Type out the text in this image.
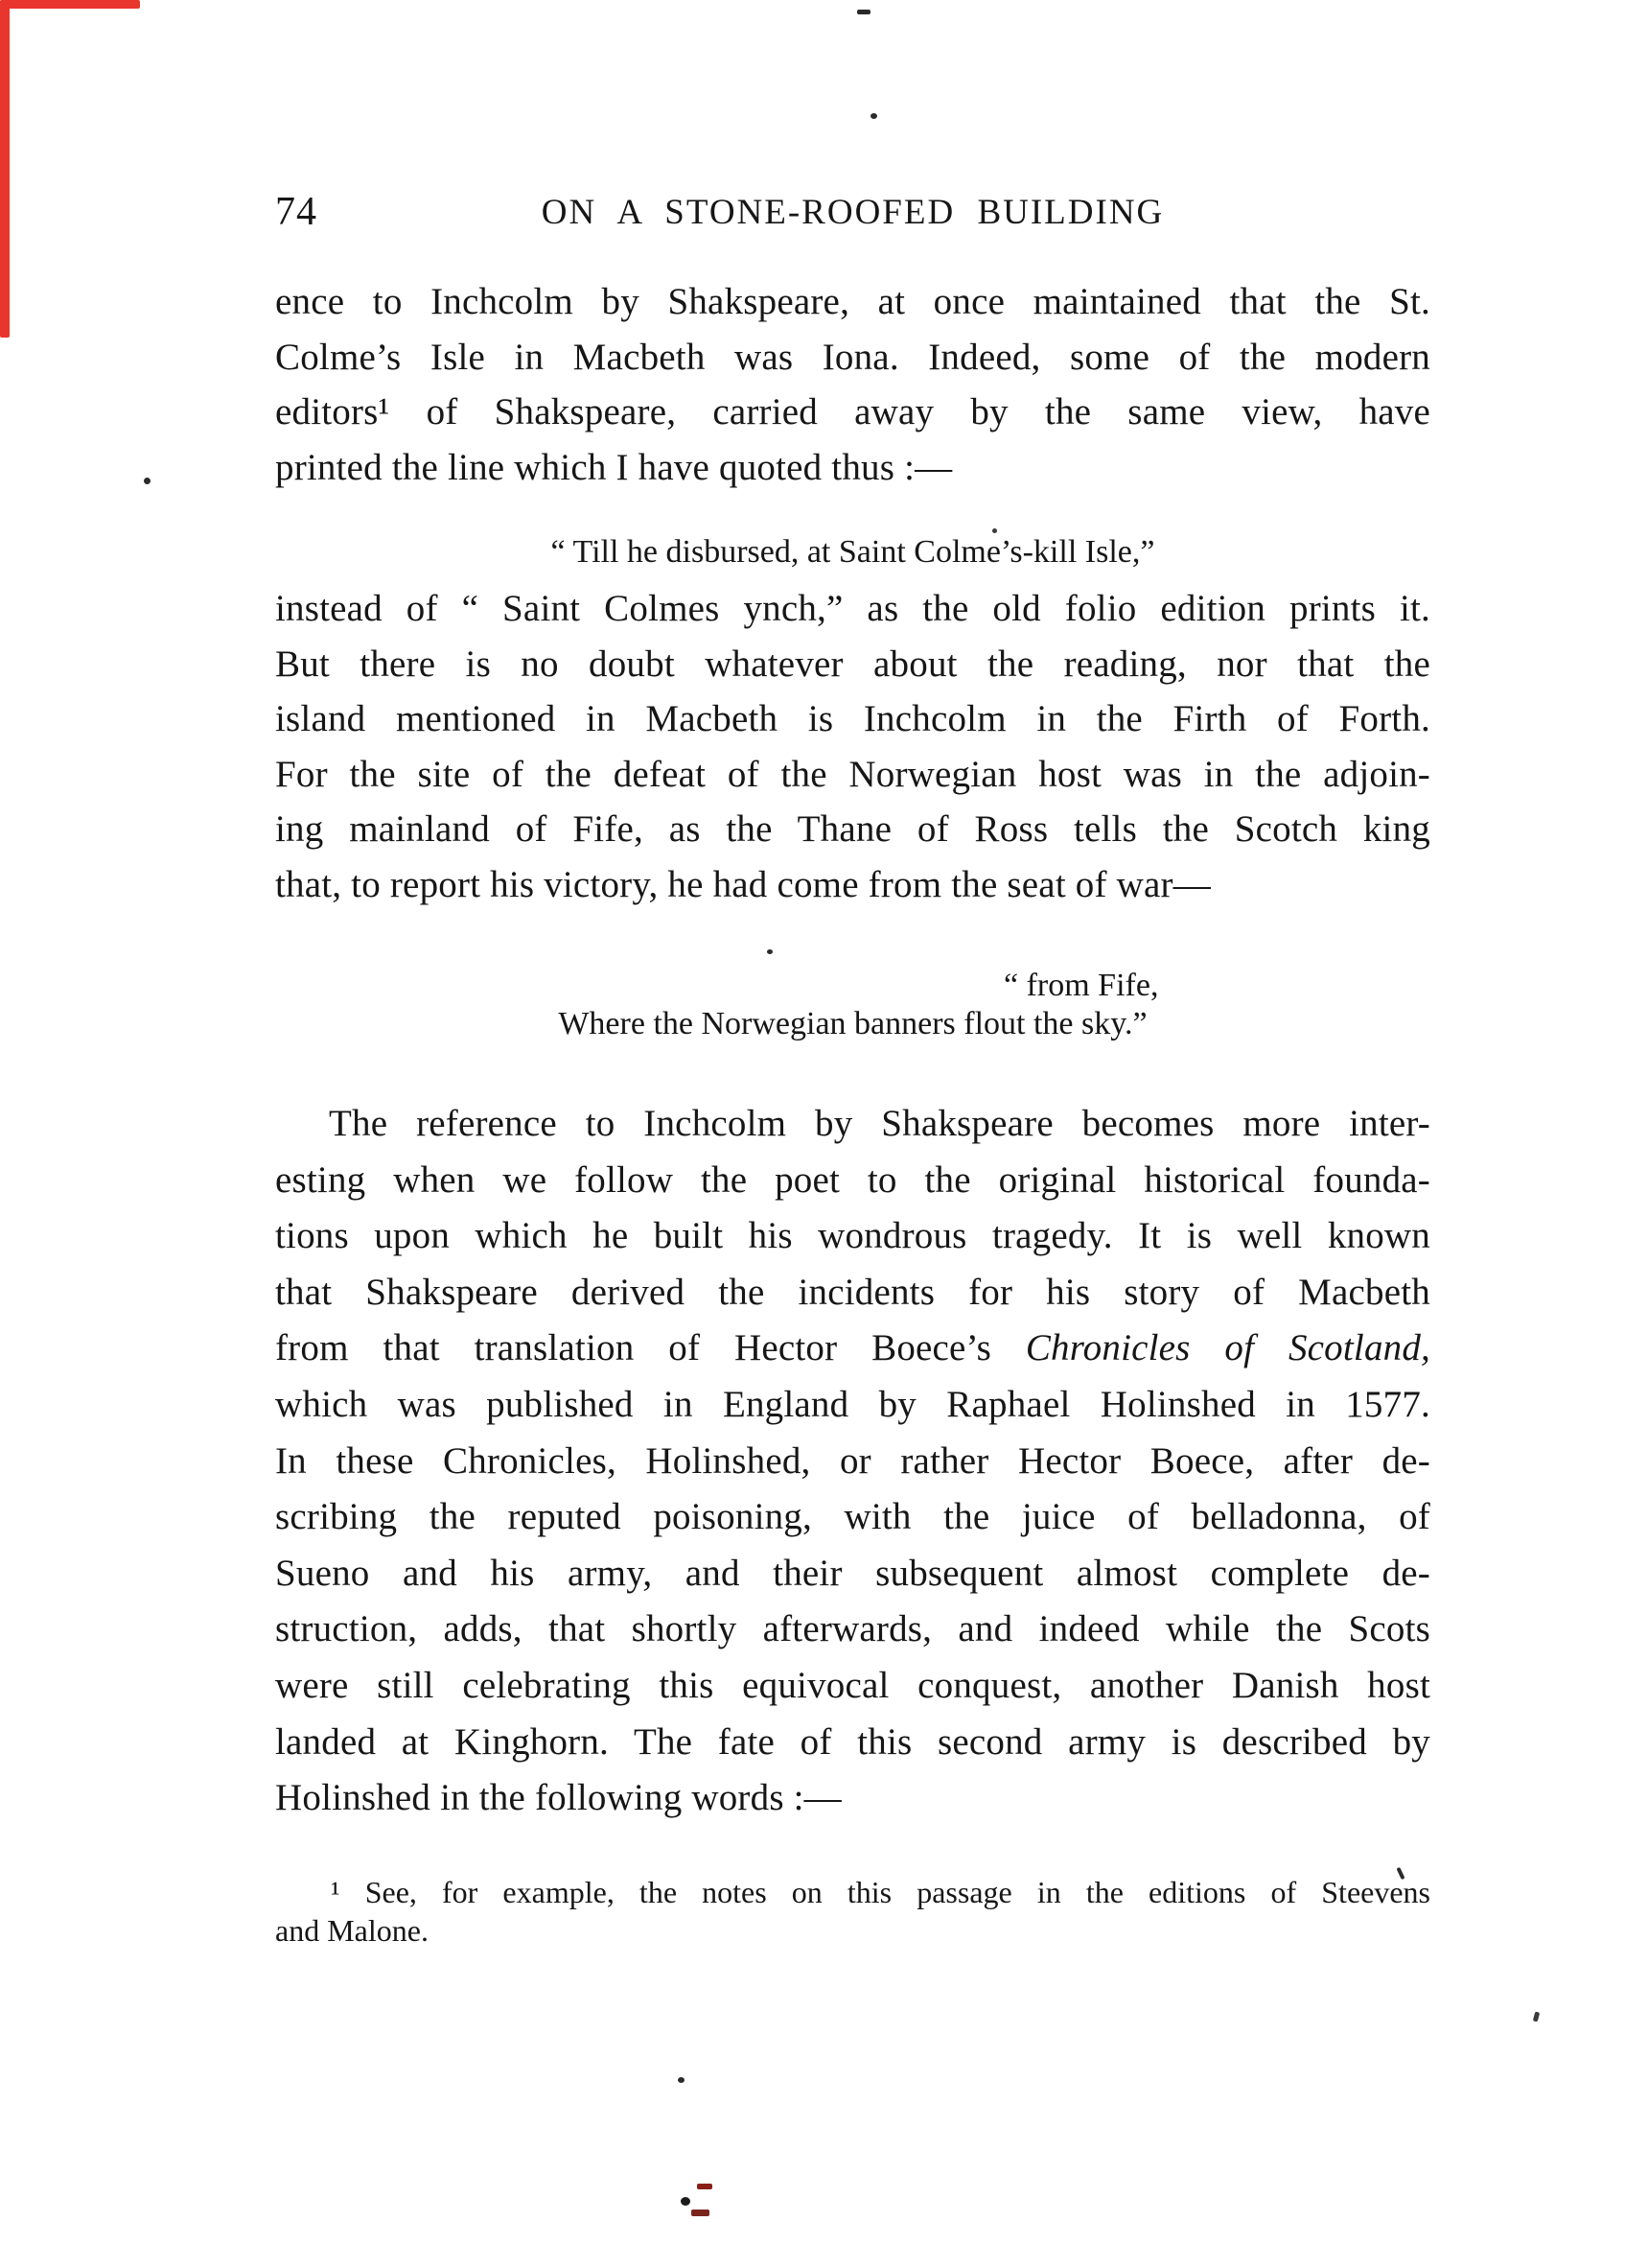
74	ON A STONE-ROOFED BUILDING
ence to Inchcolm by Shakspeare, at once maintained that the St.
Colme’s Isle in Macbeth was Iona. Indeed, some of the modern
editors¹ of Shakspeare, carried away by the same view, have
printed the line which I have quoted thus :—
“ Till he disbursed, at Saint Colme’s-kill Isle,”
instead of “ Saint Colmes ynch,” as the old folio edition prints it.
But there is no doubt whatever about the reading, nor that the
island mentioned in Macbeth is Inchcolm in the Firth of Forth.
For the site of the defeat of the Norwegian host was in the adjoin-
ing mainland of Fife, as the Thane of Ross tells the Scotch king
that, to report his victory, he had come from the seat of war—
“ from Fife,
Where the Norwegian banners flout the sky.”
The reference to Inchcolm by Shakspeare becomes more inter-
esting when we follow the poet to the original historical founda-
tions upon which he built his wondrous tragedy. It is well known
that Shakspeare derived the incidents for his story of Macbeth
from that translation of Hector Boece’s Chronicles of Scotland,
which was published in England by Raphael Holinshed in 1577.
In these Chronicles, Holinshed, or rather Hector Boece, after de-
scribing the reputed poisoning, with the juice of belladonna, of
Sueno and his army, and their subsequent almost complete de-
struction, adds, that shortly afterwards, and indeed while the Scots
were still celebrating this equivocal conquest, another Danish host
landed at Kinghorn. The fate of this second army is described by
Holinshed in the following words :—
¹ See, for example, the notes on this passage in the editions of Steevens
and Malone.
